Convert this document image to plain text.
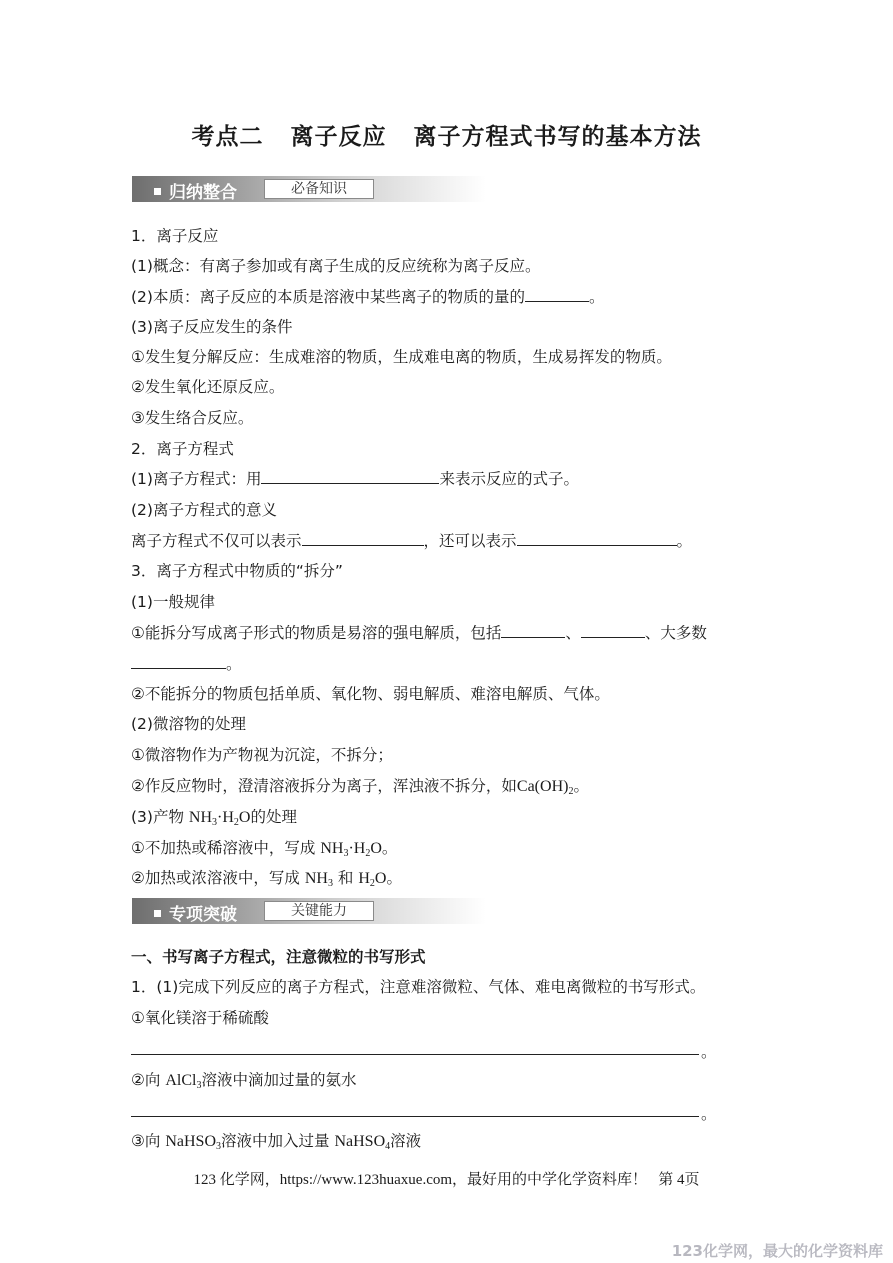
考点二   离子反应   离子方程式书写的基本方法
归纳整合	必备知识
1．离子反应
(1)概念：有离子参加或有离子生成的反应统称为离子反应。
(2)本质：离子反应的本质是溶液中某些离子的物质的量的	。
(3)离子反应发生的条件
①发生复分解反应：生成难溶的物质，生成难电离的物质，生成易挥发的物质。
②发生氧化还原反应。
③发生络合反应。
2．离子方程式
(1)离子方程式：用	来表示反应的式子。
(2)离子方程式的意义
离子方程式不仅可以表示	，还可以表示	。
3．离子方程式中物质的“拆分”
(1)一般规律
①能拆分写成离子形式的物质是易溶的强电解质，包括	、	、大多数
。
②不能拆分的物质包括单质、氧化物、弱电解质、难溶电解质、气体。
(2)微溶物的处理
①微溶物作为产物视为沉淀，不拆分；
②作反应物时，澄清溶液拆分为离子，浑浊液不拆分，如$Ca(OH)_2$。
(3)产物 $NH_3\cdot H_2O$的处理
①不加热或稀溶液中，写成 $NH_3\cdot H_2O$。
②加热或浓溶液中，写成 $NH_3$ 和 $H_2O$。
专项突破	关键能力
一、书写离子方程式，注意微粒的书写形式
1．(1)完成下列反应的离子方程式，注意难溶微粒、气体、难电离微粒的书写形式。
①氧化镁溶于稀硫酸
。
②向 AlCl$_3$溶液中滴加过量的氨水
。
③向 NaHSO$_3$溶液中加入过量 NaHSO$_4$溶液
123 化学网，https://www.123huaxue.com，最好用的中学化学资料库！   第 4页
123化学网，最大的化学资料库
